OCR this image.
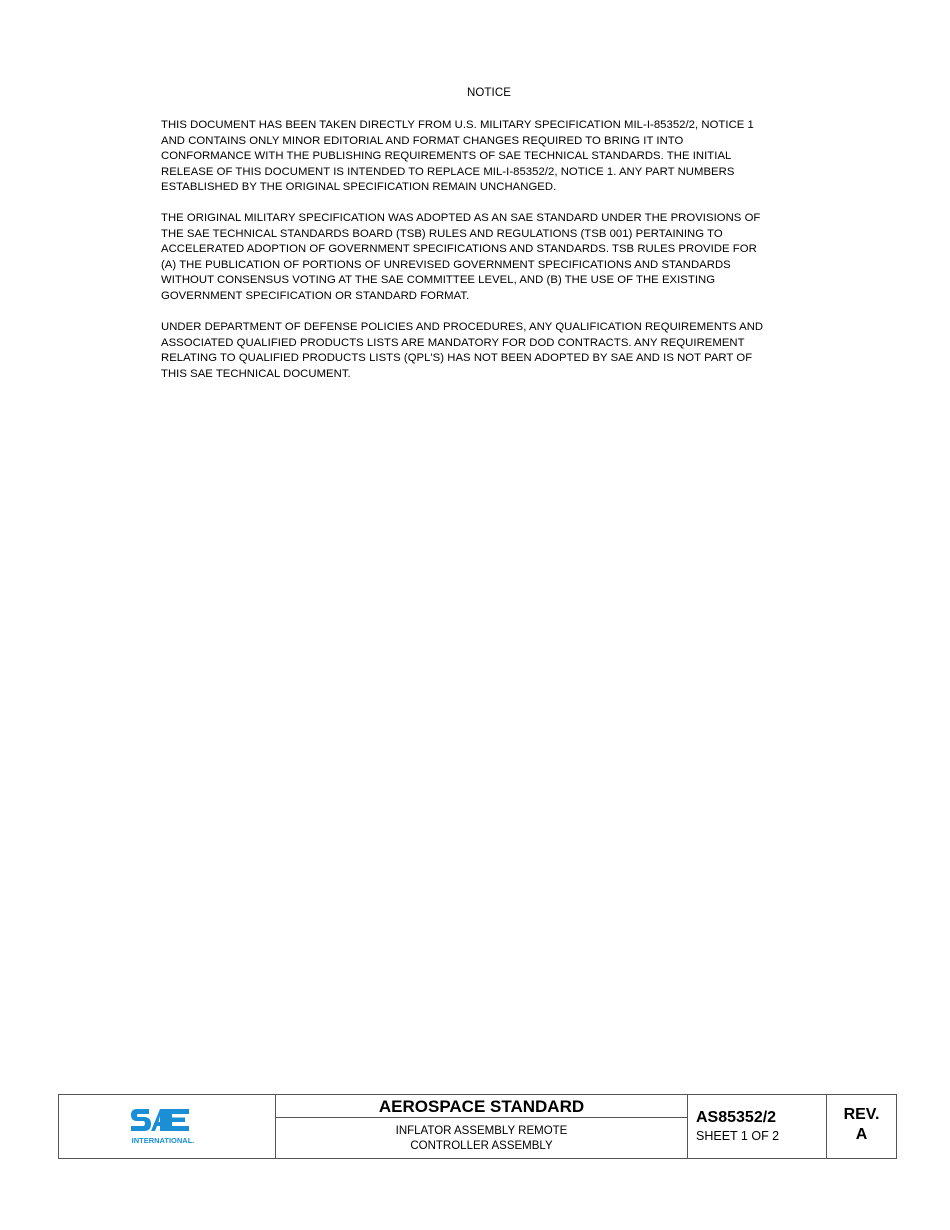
NOTICE

THIS DOCUMENT HAS BEEN TAKEN DIRECTLY FROM U.S. MILITARY SPECIFICATION MIL-I-85352/2, NOTICE 1
AND CONTAINS ONLY MINOR EDITORIAL AND FORMAT CHANGES REQUIRED TO BRING IT INTO
CONFORMANCE WITH THE PUBLISHING REQUIREMENTS OF SAE TECHNICAL STANDARDS. THE INITIAL
RELEASE OF THIS DOCUMENT IS INTENDED TO REPLACE MIL-I-85352/2, NOTICE 1. ANY PART NUMBERS
ESTABLISHED BY THE ORIGINAL SPECIFICATION REMAIN UNCHANGED.

THE ORIGINAL MILITARY SPECIFICATION WAS ADOPTED AS AN SAE STANDARD UNDER THE PROVISIONS OF
THE SAE TECHNICAL STANDARDS BOARD (TSB) RULES AND REGULATIONS (TSB 001) PERTAINING TO
ACCELERATED ADOPTION OF GOVERNMENT SPECIFICATIONS AND STANDARDS. TSB RULES PROVIDE FOR
(A) THE PUBLICATION OF PORTIONS OF UNREVISED GOVERNMENT SPECIFICATIONS AND STANDARDS
WITHOUT CONSENSUS VOTING AT THE SAE COMMITTEE LEVEL, AND (B) THE USE OF THE EXISTING
GOVERNMENT SPECIFICATION OR STANDARD FORMAT.

UNDER DEPARTMENT OF DEFENSE POLICIES AND PROCEDURES, ANY QUALIFICATION REQUIREMENTS AND
ASSOCIATED QUALIFIED PRODUCTS LISTS ARE MANDATORY FOR DOD CONTRACTS. ANY REQUIREMENT
RELATING TO QUALIFIED PRODUCTS LISTS (QPL'S) HAS NOT BEEN ADOPTED BY SAE AND IS NOT PART OF
THIS SAE TECHNICAL DOCUMENT.

INTERNATIONAL.
AEROSPACE STANDARD
INFLATOR ASSEMBLY REMOTE
CONTROLLER ASSEMBLY
AS85352/2
SHEET 1 OF 2
REV.
A
